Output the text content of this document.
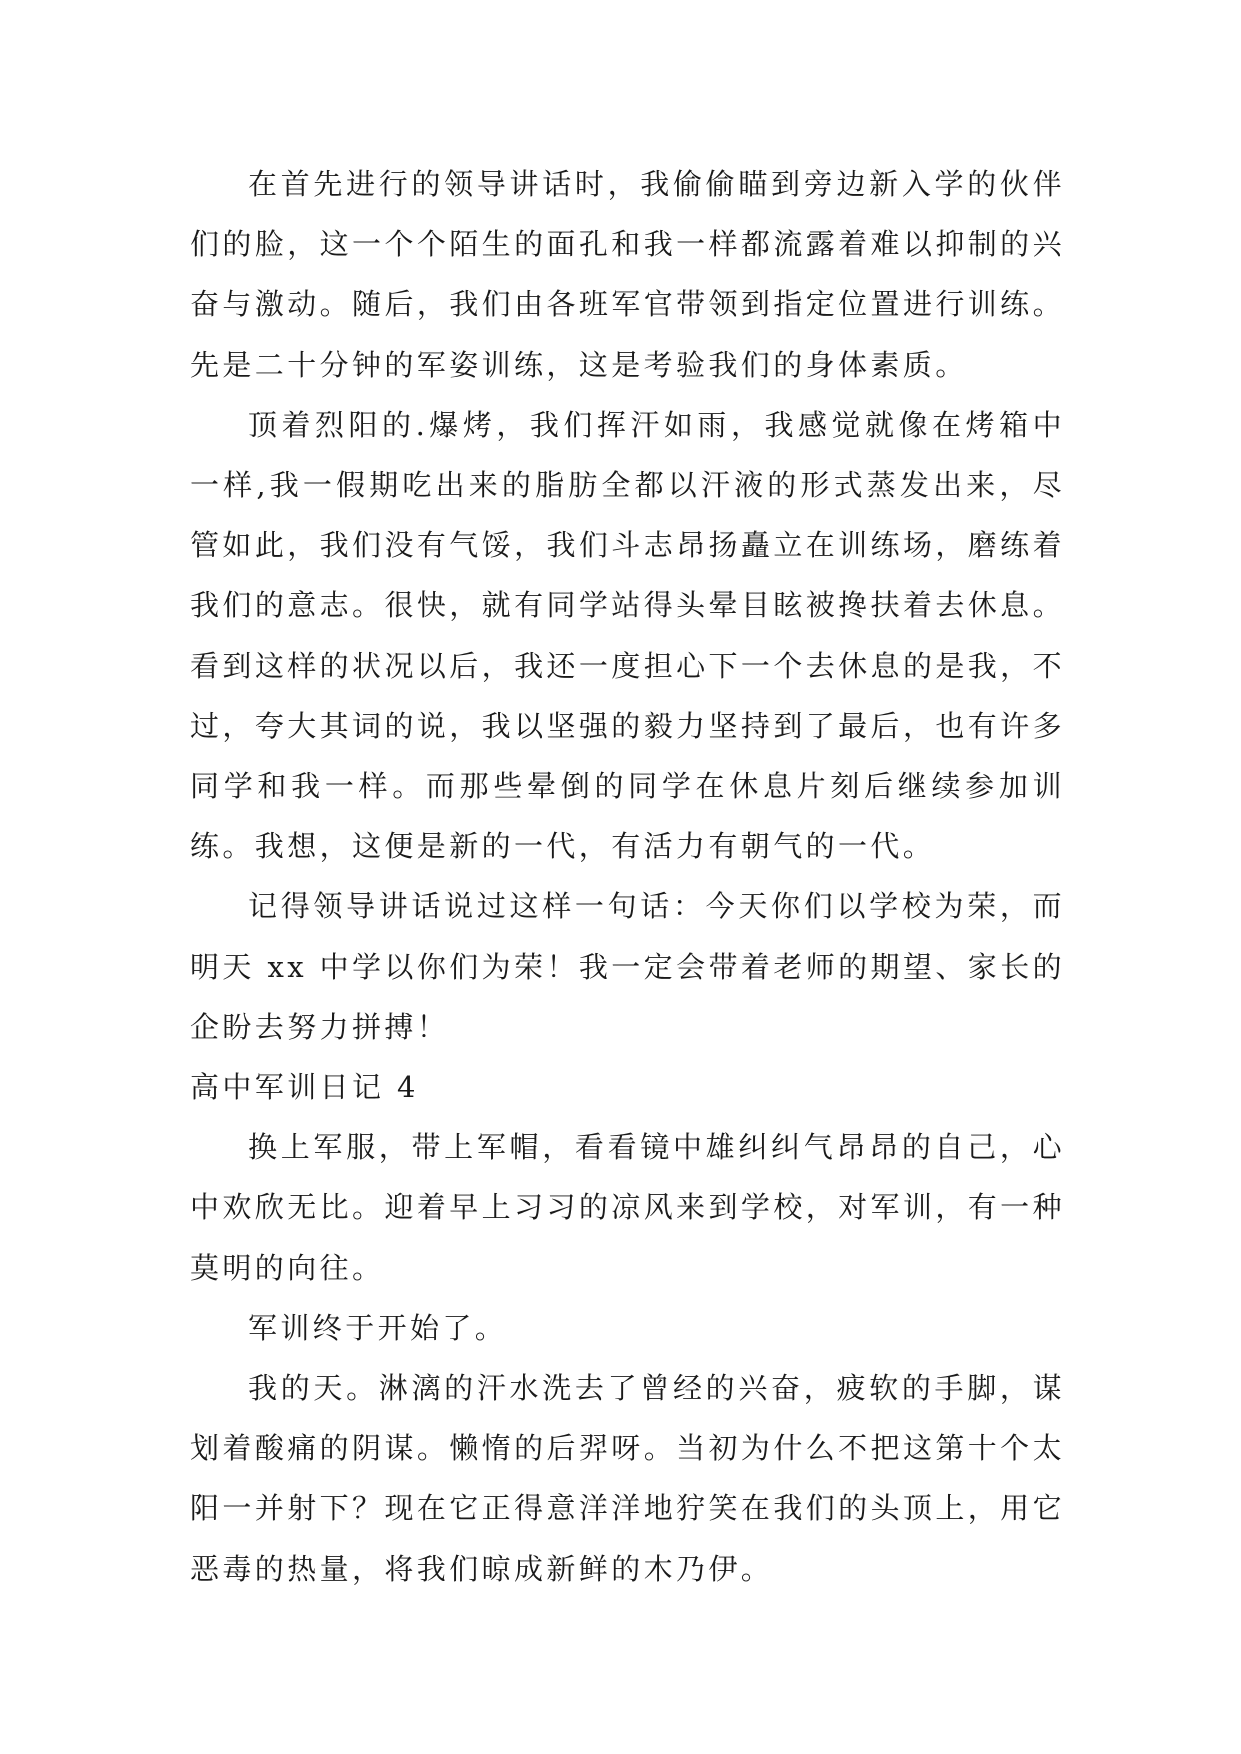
在首先进行的领导讲话时，我偷偷瞄到旁边新入学的伙伴们的脸，这一个个陌生的面孔和我一样都流露着难以抑制的兴奋与激动。随后，我们由各班军官带领到指定位置进行训练。先是二十分钟的军姿训练，这是考验我们的身体素质。

顶着烈阳的.爆烤，我们挥汗如雨，我感觉就像在烤箱中一样,我一假期吃出来的脂肪全都以汗液的形式蒸发出来，尽管如此，我们没有气馁，我们斗志昂扬矗立在训练场，磨练着我们的意志。很快，就有同学站得头晕目眩被搀扶着去休息。看到这样的状况以后，我还一度担心下一个去休息的是我，不过，夸大其词的说，我以坚强的毅力坚持到了最后，也有许多同学和我一样。而那些晕倒的同学在休息片刻后继续参加训练。我想，这便是新的一代，有活力有朝气的一代。

记得领导讲话说过这样一句话：今天你们以学校为荣，而明天 xx 中学以你们为荣！我一定会带着老师的期望、家长的企盼去努力拼搏！

高中军训日记 4

换上军服，带上军帽，看看镜中雄纠纠气昂昂的自己，心中欢欣无比。迎着早上习习的凉风来到学校，对军训，有一种莫明的向往。

军训终于开始了。

我的天。淋漓的汗水洗去了曾经的兴奋，疲软的手脚，谋划着酸痛的阴谋。懒惰的后羿呀。当初为什么不把这第十个太阳一并射下？现在它正得意洋洋地狞笑在我们的头顶上，用它恶毒的热量，将我们晾成新鲜的木乃伊。
